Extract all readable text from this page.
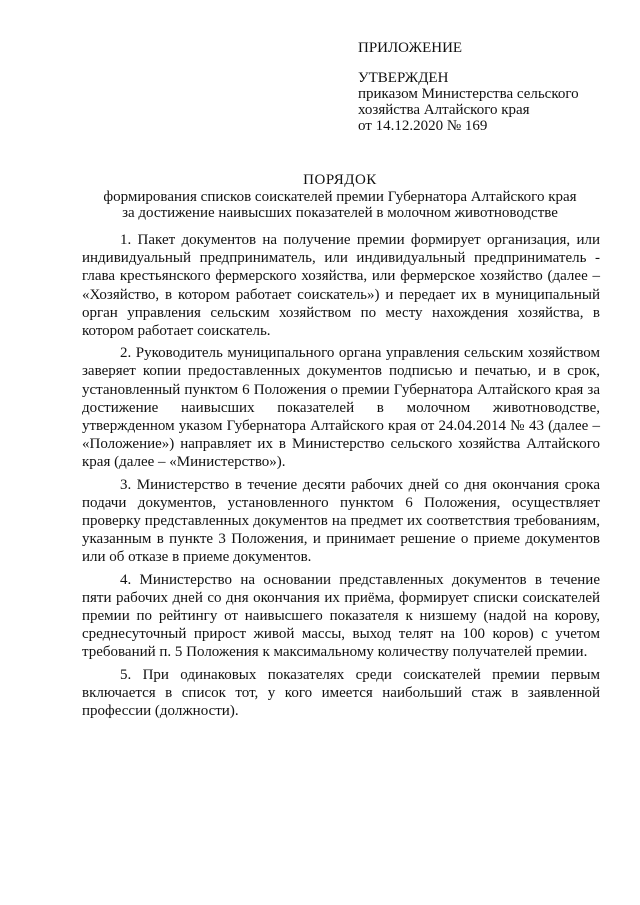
ПРИЛОЖЕНИЕ
УТВЕРЖДЕН
приказом Министерства сельского
хозяйства Алтайского края
от 14.12.2020 № 169
ПОРЯДОК
формирования списков соискателей премии Губернатора Алтайского края
за достижение наивысших показателей в молочном животноводстве

1. Пакет документов на получение премии формирует организация, или индивидуальный предприниматель, или индивидуальный предприниматель - глава крестьянского фермерского хозяйства, или фермерское хозяйство (далее – «Хозяйство, в котором работает соискатель») и передает их в муниципальный орган управления сельским хозяйством по месту нахождения хозяйства, в котором работает соискатель.

2. Руководитель муниципального органа управления сельским хозяйством заверяет копии предоставленных документов подписью и печатью, и в срок, установленный пунктом 6 Положения о премии Губернатора Алтайского края за достижение наивысших показателей в молочном животноводстве, утвержденном указом Губернатора Алтайского края от 24.04.2014 № 43 (далее – «Положение») направляет их в Министерство сельского хозяйства Алтайского края (далее – «Министерство»).

3. Министерство в течение десяти рабочих дней со дня окончания срока подачи документов, установленного пунктом 6 Положения, осуществляет проверку представленных документов на предмет их соответствия требованиям, указанным в пункте 3 Положения, и принимает решение о приеме документов или об отказе в приеме документов.

4. Министерство на основании представленных документов в течение пяти рабочих дней со дня окончания их приёма, формирует списки соискателей премии по рейтингу от наивысшего показателя к низшему (надой на корову, среднесуточный прирост живой массы, выход телят на 100 коров) с учетом требований п. 5 Положения к максимальному количеству получателей премии.

5. При одинаковых показателях среди соискателей премии первым включается в список тот, у кого имеется наибольший стаж в заявленной профессии (должности).
